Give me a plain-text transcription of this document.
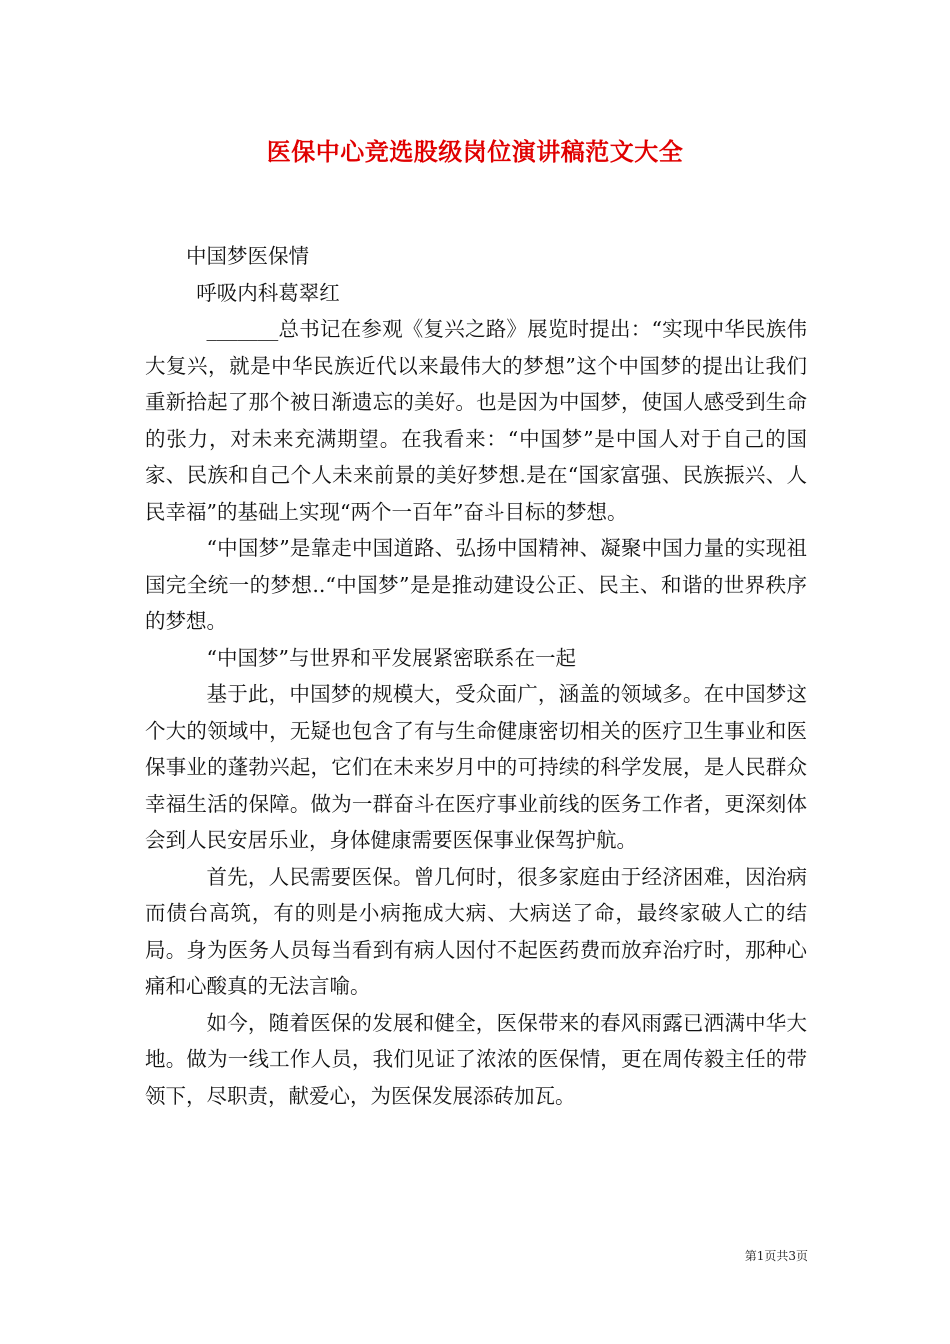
医保中心竞选股级岗位演讲稿范文大全

中国梦医保情

呼吸内科葛翠红

_______总书记在参观《复兴之路》展览时提出：“实现中华民族伟大复兴，就是中华民族近代以来最伟大的梦想”这个中国梦的提出让我们重新拾起了那个被日渐遗忘的美好。也是因为中国梦，使国人感受到生命的张力，对未来充满期望。在我看来：“中国梦”是中国人对于自己的国家、民族和自己个人未来前景的美好梦想.是在“国家富强、民族振兴、人民幸福”的基础上实现“两个一百年”奋斗目标的梦想。

“中国梦”是靠走中国道路、弘扬中国精神、凝聚中国力量的实现祖国完全统一的梦想..“中国梦”是是推动建设公正、民主、和谐的世界秩序的梦想。

“中国梦”与世界和平发展紧密联系在一起

基于此，中国梦的规模大，受众面广，涵盖的领域多。在中国梦这个大的领域中，无疑也包含了有与生命健康密切相关的医疗卫生事业和医保事业的蓬勃兴起，它们在未来岁月中的可持续的科学发展，是人民群众幸福生活的保障。做为一群奋斗在医疗事业前线的医务工作者，更深刻体会到人民安居乐业，身体健康需要医保事业保驾护航。

首先，人民需要医保。曾几何时，很多家庭由于经济困难，因治病而债台高筑，有的则是小病拖成大病、大病送了命，最终家破人亡的结局。身为医务人员每当看到有病人因付不起医药费而放弃治疗时，那种心痛和心酸真的无法言喻。

如今，随着医保的发展和健全，医保带来的春风雨露已洒满中华大地。做为一线工作人员，我们见证了浓浓的医保情，更在周传毅主任的带领下，尽职责，献爱心，为医保发展添砖加瓦。

第1页共3页
